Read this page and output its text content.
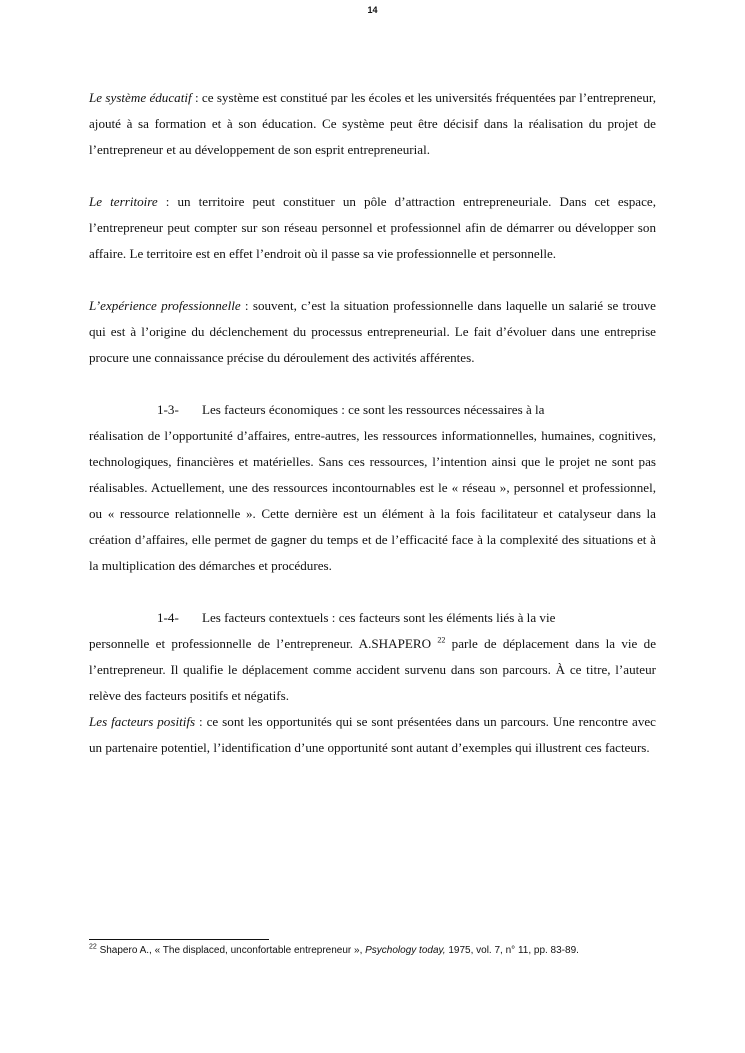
14

Le système éducatif : ce système est constitué par les écoles et les universités fréquentées par l’entrepreneur, ajouté à sa formation et à son éducation. Ce système peut être décisif dans la réalisation du projet de l’entrepreneur et au développement de son esprit entrepreneurial.

Le territoire : un territoire peut constituer un pôle d’attraction entrepreneuriale. Dans cet espace, l’entrepreneur peut compter sur son réseau personnel et professionnel afin de démarrer ou développer son affaire. Le territoire est en effet l’endroit où il passe sa vie professionnelle et personnelle.

L’expérience professionnelle : souvent, c’est la situation professionnelle dans laquelle un salarié se trouve qui est à l’origine du déclenchement du processus entrepreneurial. Le fait d’évoluer dans une entreprise procure une connaissance précise du déroulement des activités afférentes.

1-3- Les facteurs économiques : ce sont les ressources nécessaires à la
réalisation de l’opportunité d’affaires, entre-autres, les ressources informationnelles, humaines, cognitives, technologiques, financières et matérielles. Sans ces ressources, l’intention ainsi que le projet ne sont pas réalisables. Actuellement, une des ressources incontournables est le « réseau », personnel et professionnel, ou « ressource relationnelle ». Cette dernière est un élément à la fois facilitateur et catalyseur dans la création d’affaires, elle permet de gagner du temps et de l’efficacité face à la complexité des situations et à la multiplication des démarches et procédures.

1-4- Les facteurs contextuels : ces facteurs sont les éléments liés à la vie
personnelle et professionnelle de l’entrepreneur. A.SHAPERO $^{22}$ parle de déplacement dans la vie de l’entrepreneur. Il qualifie le déplacement comme accident survenu dans son parcours. À ce titre, l’auteur relève des facteurs positifs et négatifs.

Les facteurs positifs : ce sont les opportunités qui se sont présentées dans un parcours. Une rencontre avec un partenaire potentiel, l’identification d’une opportunité sont autant d’exemples qui illustrent ces facteurs.

$^{22}$ Shapero A., « The displaced, unconfortable entrepreneur », Psychology today, 1975, vol. 7, n° 11, pp. 83-89.
